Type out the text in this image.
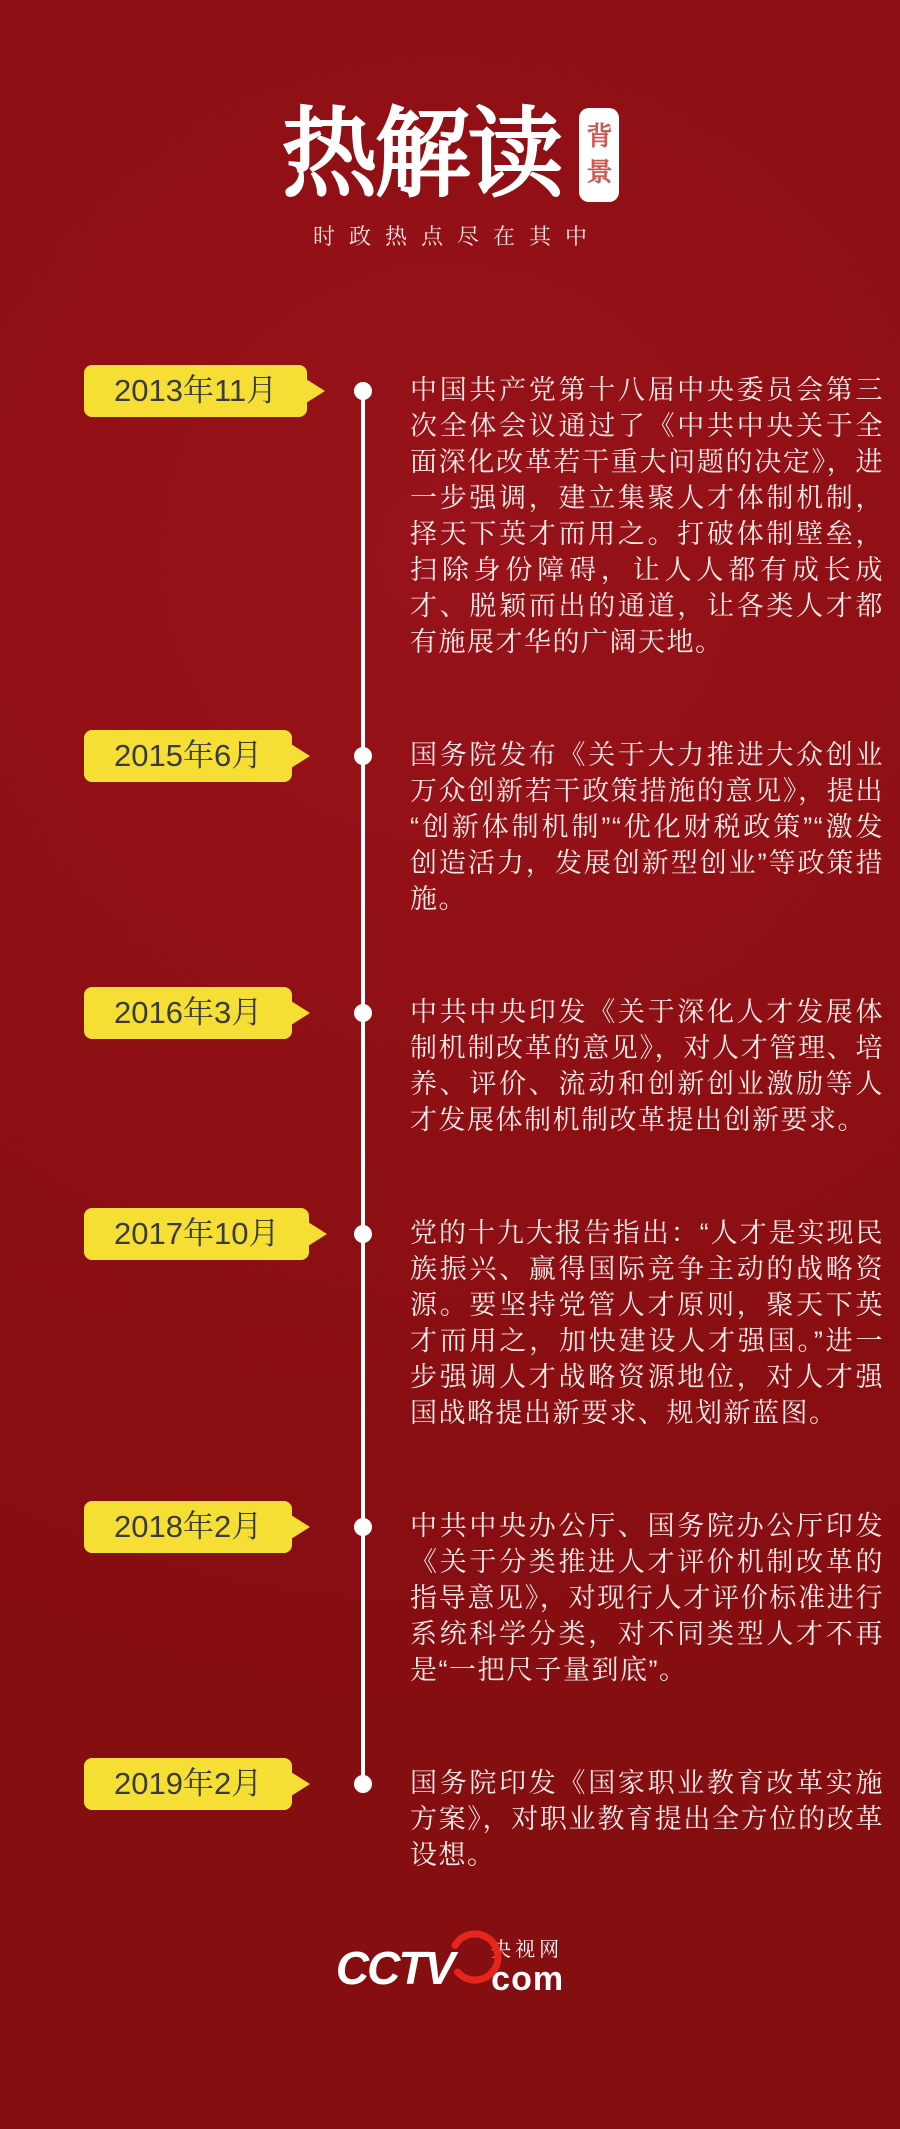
热解读 背景
时政热点尽在其中
2013年11月	中国共产党第十八届中央委员会第三次全体会议通过了《中共中央关于全面深化改革若干重大问题的决定》，进一步强调，建立集聚人才体制机制，择天下英才而用之。打破体制壁垒，扫除身份障碍，让人人都有成长成才、脱颖而出的通道，让各类人才都有施展才华的广阔天地。

2015年6月	国务院发布《关于大力推进大众创业万众创新若干政策措施的意见》，提出“创新体制机制”“优化财税政策”“激发创造活力，发展创新型创业”等政策措施。

2016年3月	中共中央印发《关于深化人才发展体制机制改革的意见》，对人才管理、培养、评价、流动和创新创业激励等人才发展体制机制改革提出创新要求。

2017年10月	党的十九大报告指出：“人才是实现民族振兴、赢得国际竞争主动的战略资源。要坚持党管人才原则，聚天下英才而用之，加快建设人才强国。”进一步强调人才战略资源地位，对人才强国战略提出新要求、规划新蓝图。

2018年2月	中共中央办公厅、国务院办公厅印发《关于分类推进人才评价机制改革的指导意见》，对现行人才评价标准进行系统科学分类，对不同类型人才不再是“一把尺子量到底”。

2019年2月	国务院印发《国家职业教育改革实施方案》，对职业教育提出全方位的改革设想。

CCTV 央视网
com
